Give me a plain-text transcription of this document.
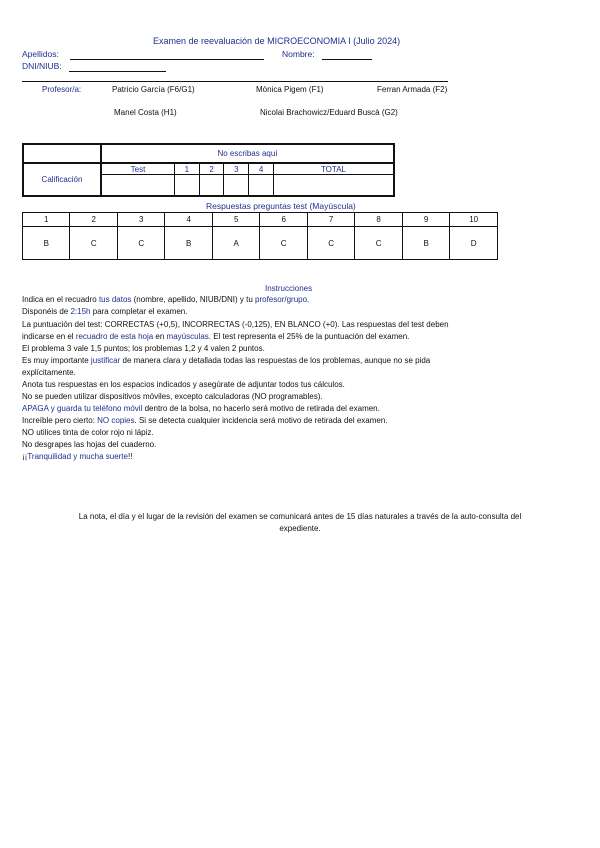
Examen de reevaluación de MICROECONOMIA I (Julio 2024)
Apellidos:	Nombre:
DNI/NIUB:
Profesor/a:	Patricio García (F6/G1)	Mònica Pigem (F1)	Ferran Armada (F2)
Manel Costa (H1)	Nicolai Brachowicz/Eduard Buscà (G2)
	No escribas aquí					
Calificación	Test	1	2	3	4	TOTAL

Respuestas preguntas test (Mayúscula)
1	2	3	4	5	6	7	8	9	10
B	C	C	B	A	C	C	C	B	D
Instrucciones
Indica en el recuadro tus datos (nombre, apellido, NIUB/DNI) y tu profesor/grupo.
Disponéis de 2:15h para completar el examen.
La puntuación del test: CORRECTAS (+0,5), INCORRECTAS (-0,125), EN BLANCO (+0). Las respuestas del test deben
indicarse en el recuadro de esta hoja en mayúsculas. El test representa el 25% de la puntuación del examen.
El problema 3 vale 1,5 puntos; los problemas 1,2 y 4 valen 2 puntos.
Es muy importante justificar de manera clara y detallada todas las respuestas de los problemas, aunque no se pida
explícitamente.
Anota tus respuestas en los espacios indicados y asegúrate de adjuntar todos tus cálculos.
No se pueden utilizar dispositivos móviles, excepto calculadoras (NO programables).
APAGA y guarda tu teléfono móvil dentro de la bolsa, no hacerlo será motivo de retirada del examen.
Increíble pero cierto: NO copies. Si se detecta cualquier incidencia será motivo de retirada del examen.
NO utilices tinta de color rojo ni lápiz.
No desgrapes las hojas del cuaderno.
¡¡Tranquilidad y mucha suerte!!
La nota, el día y el lugar de la revisión del examen se comunicará antes de 15 días naturales a través de la auto-consulta del
expediente.
